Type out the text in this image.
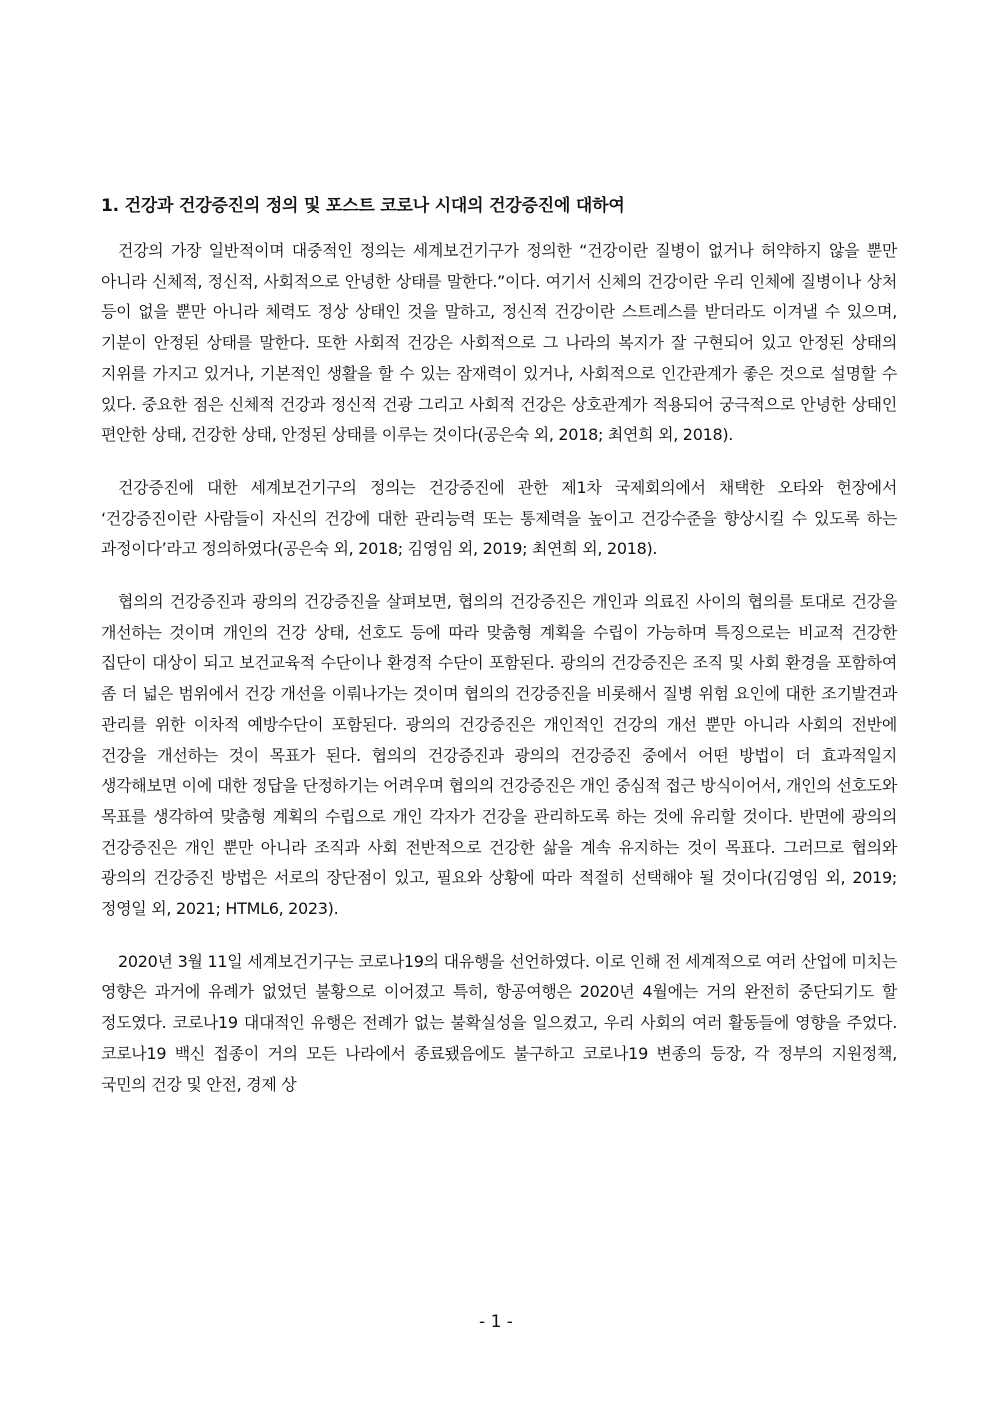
1. 건강과 건강증진의 정의 및 포스트 코로나 시대의 건강증진에 대하여

건강의 가장 일반적이며 대중적인 정의는 세계보건기구가 정의한 “건강이란 질병이 없거나 허약하지 않을 뿐만 아니라 신체적, 정신적, 사회적으로 안녕한 상태를 말한다.”이다. 여기서 신체의 건강이란 우리 인체에 질병이나 상처 등이 없을 뿐만 아니라 체력도 정상 상태인 것을 말하고, 정신적 건강이란 스트레스를 받더라도 이겨낼 수 있으며, 기분이 안정된 상태를 말한다. 또한 사회적 건강은 사회적으로 그 나라의 복지가 잘 구현되어 있고 안정된 상태의 지위를 가지고 있거나, 기본적인 생활을 할 수 있는 잠재력이 있거나, 사회적으로 인간관계가 좋은 것으로 설명할 수 있다. 중요한 점은 신체적 건강과 정신적 건광 그리고 사회적 건강은 상호관계가 적용되어 궁극적으로 안녕한 상태인 편안한 상태, 건강한 상태, 안정된 상태를 이루는 것이다(공은숙 외, 2018; 최연희 외, 2018).

건강증진에 대한 세계보건기구의 정의는 건강증진에 관한 제1차 국제회의에서 채택한 오타와 헌장에서 ‘건강증진이란 사람들이 자신의 건강에 대한 관리능력 또는 통제력을 높이고 건강수준을 향상시킬 수 있도록 하는 과정이다’라고 정의하였다(공은숙 외, 2018; 김영임 외, 2019; 최연희 외, 2018).

협의의 건강증진과 광의의 건강증진을 살펴보면, 협의의 건강증진은 개인과 의료진 사이의 협의를 토대로 건강을 개선하는 것이며 개인의 건강 상태, 선호도 등에 따라 맞춤형 계획을 수립이 가능하며 특징으로는 비교적 건강한 집단이 대상이 되고 보건교육적 수단이나 환경적 수단이 포함된다. 광의의 건강증진은 조직 및 사회 환경을 포함하여 좀 더 넓은 범위에서 건강 개선을 이뤄나가는 것이며 협의의 건강증진을 비롯해서 질병 위험 요인에 대한 조기발견과 관리를 위한 이차적 예방수단이 포함된다. 광의의 건강증진은 개인적인 건강의 개선 뿐만 아니라 사회의 전반에 건강을 개선하는 것이 목표가 된다. 협의의 건강증진과 광의의 건강증진 중에서 어떤 방법이 더 효과적일지 생각해보면 이에 대한 정답을 단정하기는 어려우며 협의의 건강증진은 개인 중심적 접근 방식이어서, 개인의 선호도와 목표를 생각하여 맞춤형 계획의 수립으로 개인 각자가 건강을 관리하도록 하는 것에 유리할 것이다. 반면에 광의의 건강증진은 개인 뿐만 아니라 조직과 사회 전반적으로 건강한 삶을 계속 유지하는 것이 목표다. 그러므로 협의와 광의의 건강증진 방법은 서로의 장단점이 있고, 필요와 상황에 따라 적절히 선택해야 될 것이다(김영임 외, 2019; 정영일 외, 2021; HTML6, 2023).

2020년 3월 11일 세계보건기구는 코로나19의 대유행을 선언하였다. 이로 인해 전 세계적으로 여러 산업에 미치는 영향은 과거에 유례가 없었던 불황으로 이어졌고 특히, 항공여행은 2020년 4월에는 거의 완전히 중단되기도 할 정도였다. 코로나19 대대적인 유행은 전례가 없는 불확실성을 일으켰고, 우리 사회의 여러 활동들에 영향을 주었다. 코로나19 백신 접종이 거의 모든 나라에서 종료됐음에도 불구하고 코로나19 변종의 등장, 각 정부의 지원정책, 국민의 건강 및 안전, 경제 상

- 1 -
